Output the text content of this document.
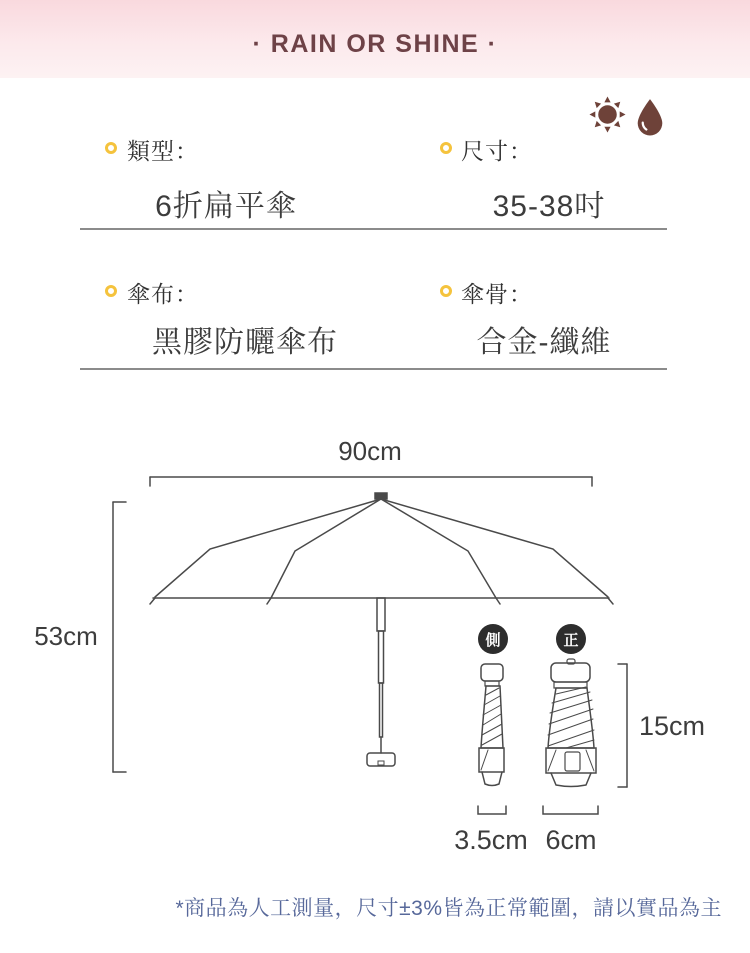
· RAIN OR SHINE ·
類型：
6折扁平傘
尺寸：
35-38吋
傘布：
黑膠防曬傘布
傘骨：
合金-纖維
90cm
53cm
15cm
3.5cm 6cm
側	正
*商品為人工測量，尺寸±3%皆為正常範圍，請以實品為主
